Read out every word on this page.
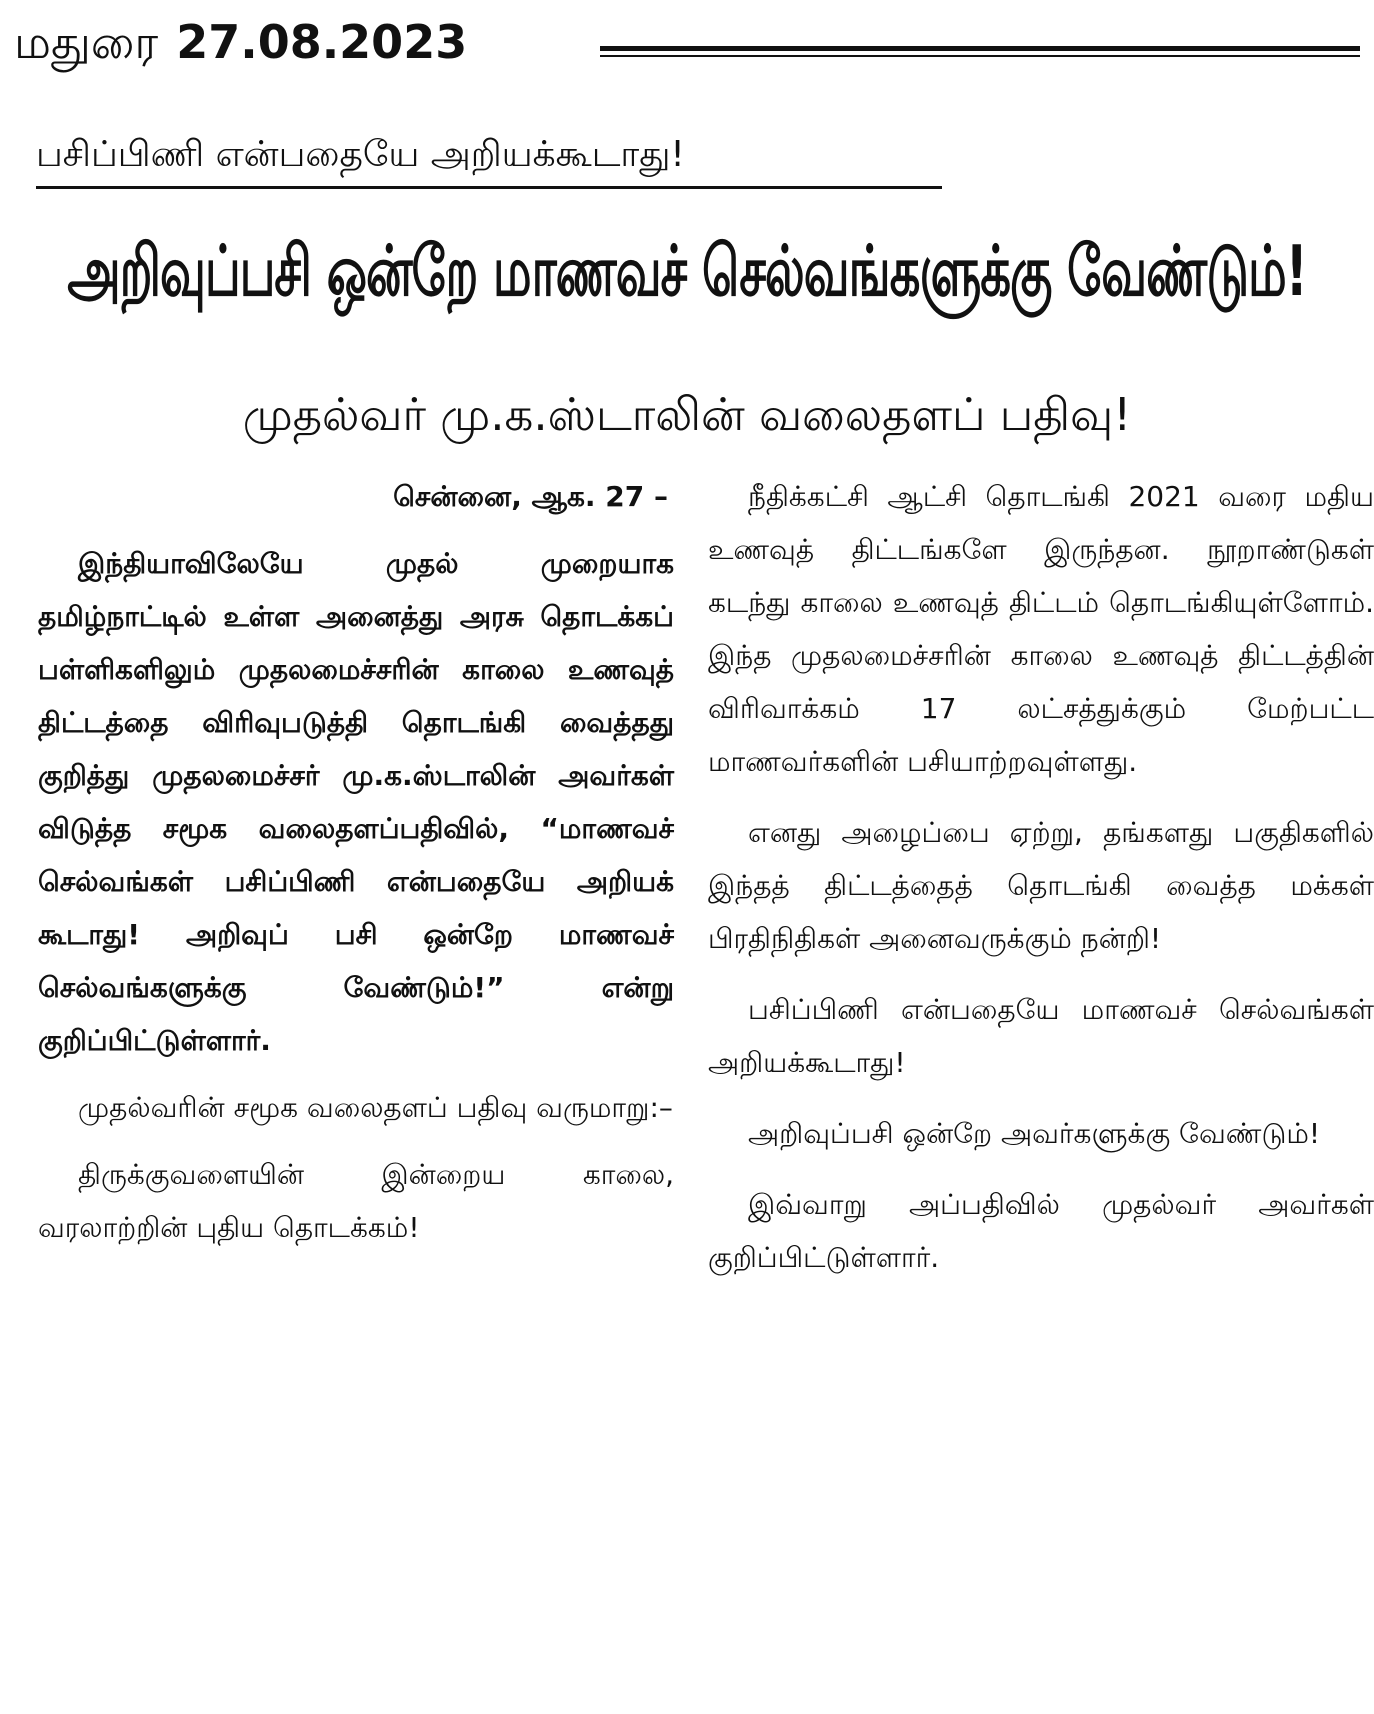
மதுரை 27.08.2023
பசிப்பிணி என்பதையே அறியக்கூடாது!
அறிவுப்பசி ஒன்றே மாணவச் செல்வங்களுக்கு வேண்டும்!
முதல்வர் மு.க.ஸ்டாலின் வலைதளப் பதிவு!

சென்னை, ஆக. 27 –

இந்தியாவிலேயே முதல் முறையாக தமிழ்நாட்டில் உள்ள அனைத்து அரசு தொடக்கப் பள்ளிகளிலும் முதலமைச்சரின் காலை உணவுத் திட்டத்தை விரிவுபடுத்தி தொடங்கி வைத்தது குறித்து முதலமைச்சர் மு.க.ஸ்டாலின் அவர்கள் விடுத்த சமூக வலைதளப்பதிவில், “மாணவச் செல்வங்கள் பசிப்பிணி என்பதையே அறியக் கூடாது! அறிவுப் பசி ஒன்றே மாணவச் செல்வங்களுக்கு வேண்டும்!” என்று குறிப்பிட்டுள்ளார்.

முதல்வரின் சமூக வலைதளப் பதிவு வருமாறு:–

திருக்குவளையின் இன்றைய காலை, வரலாற்றின் புதிய தொடக்கம்!

நீதிக்கட்சி ஆட்சி தொடங்கி 2021 வரை மதிய உணவுத் திட்டங்களே இருந்தன. நூறாண்டுகள் கடந்து காலை உணவுத் திட்டம் தொடங்கியுள்ளோம். இந்த முதலமைச்சரின் காலை உணவுத் திட்டத்தின் விரிவாக்கம் 17 லட்சத்துக்கும் மேற்பட்ட மாணவர்களின் பசியாற்றவுள்ளது.

எனது அழைப்பை ஏற்று, தங்களது பகுதிகளில் இந்தத் திட்டத்தைத் தொடங்கி வைத்த மக்கள் பிரதிநிதிகள் அனைவருக்கும் நன்றி!

பசிப்பிணி என்பதையே மாணவச் செல்வங்கள் அறியக்கூடாது!

அறிவுப்பசி ஒன்றே அவர்களுக்கு வேண்டும்!

இவ்வாறு அப்பதிவில் முதல்வர் அவர்கள் குறிப்பிட்டுள்ளார்.
